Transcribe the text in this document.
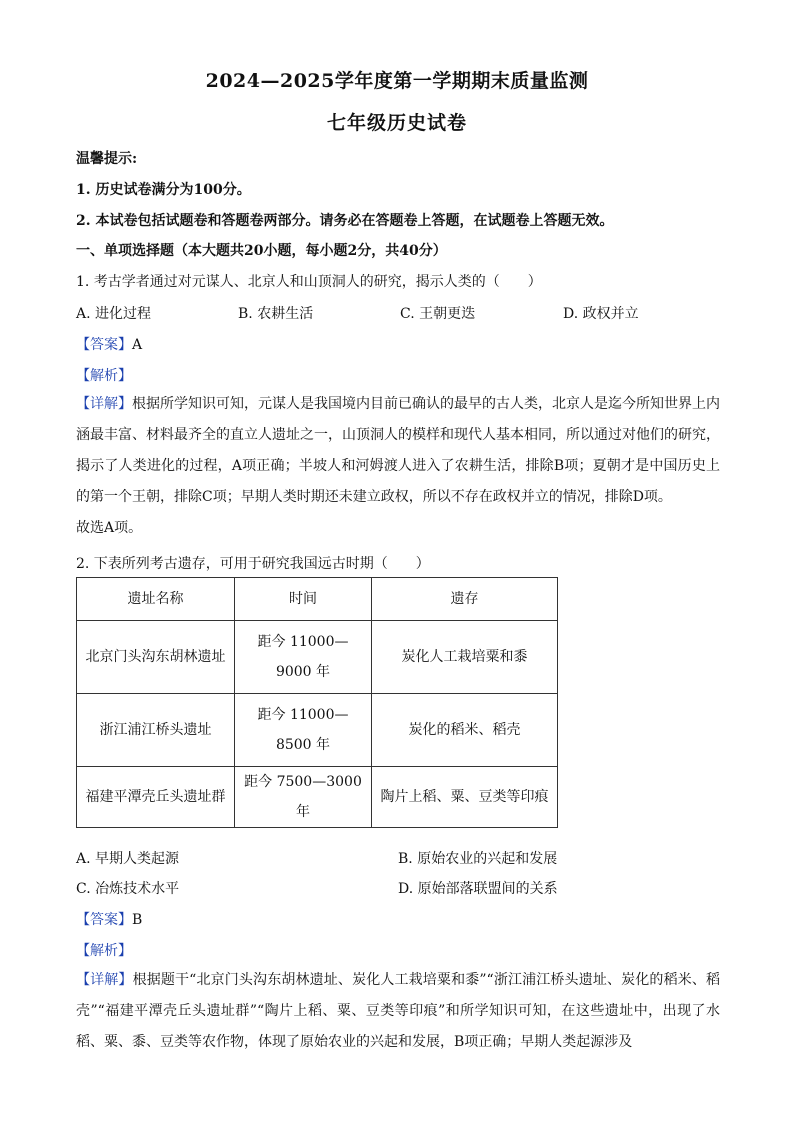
2024—2025学年度第一学期期末质量监测
七年级历史试卷
温馨提示:
1. 历史试卷满分为100分。
2. 本试卷包括试题卷和答题卷两部分。请务必在答题卷上答题，在试题卷上答题无效。
一、单项选择题（本大题共20小题，每小题2分，共40分）
1. 考古学者通过对元谋人、北京人和山顶洞人的研究，揭示人类的（　　）
A. 进化过程	B. 农耕生活	C. 王朝更迭	D. 政权并立
【答案】A
【解析】
【详解】根据所学知识可知，元谋人是我国境内目前已确认的最早的古人类，北京人是迄今所知世界上内涵最丰富、材料最齐全的直立人遗址之一，山顶洞人的模样和现代人基本相同，所以通过对他们的研究，揭示了人类进化的过程，A项正确；半坡人和河姆渡人进入了农耕生活，排除B项；夏朝才是中国历史上的第一个王朝，排除C项；早期人类时期还未建立政权，所以不存在政权并立的情况，排除D项。
故选A项。
2. 下表所列考古遗存，可用于研究我国远古时期（　　）
遗址名称	时间	遗存
北京门头沟东胡林遗址	距今 11000—9000 年	炭化人工栽培粟和黍
浙江浦江桥头遗址	距今 11000—8500 年	炭化的稻米、稻壳
福建平潭壳丘头遗址群	距今 7500—3000 年	陶片上稻、粟、豆类等印痕
A. 早期人类起源	B. 原始农业的兴起和发展
C. 冶炼技术水平	D. 原始部落联盟间的关系
【答案】B
【解析】
【详解】根据题干“北京门头沟东胡林遗址、炭化人工栽培粟和黍”“浙江浦江桥头遗址、炭化的稻米、稻壳”“福建平潭壳丘头遗址群”“陶片上稻、粟、豆类等印痕”和所学知识可知，在这些遗址中，出现了水稻、粟、黍、豆类等农作物，体现了原始农业的兴起和发展，B项正确；早期人类起源涉及
